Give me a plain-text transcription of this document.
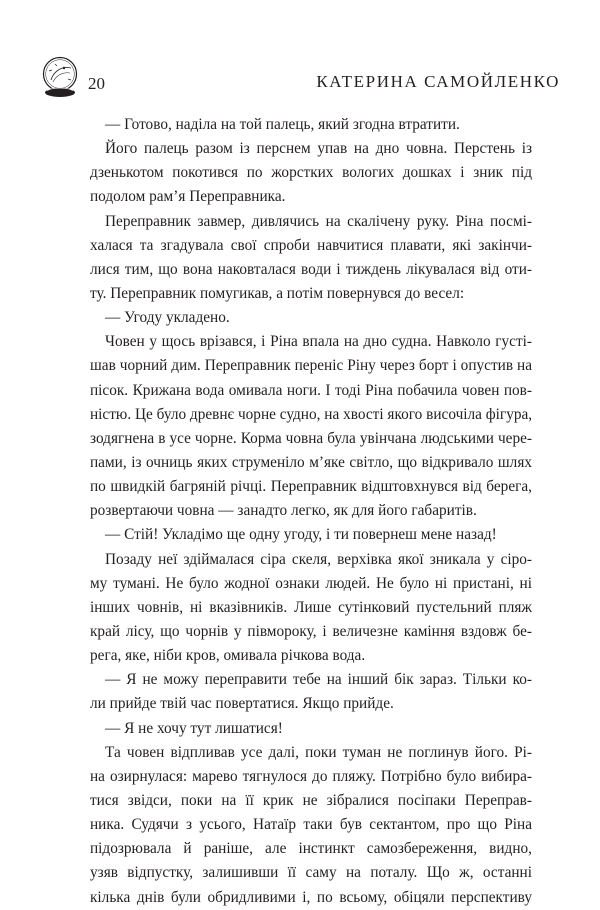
20	КАТЕРИНА САМОЙЛЕНКО
— Готово, наділа на той палець, який згодна втратити.
Його палець разом із перснем упав на дно човна. Перстень із
дзенькотом покотився по жорстких вологих дошках і зник під
подолом рам’я Переправника.
Переправник завмер, дивлячись на скалічену руку. Ріна посмі-
халася та згадувала свої спроби навчитися плавати, які закінчи-
лися тим, що вона наковталася води і тиждень лікувалася від оти-
ту. Переправник помугикав, а потім повернувся до весел:
— Угоду укладено.
Човен у щось врізався, і Ріна впала на дно судна. Навколо густі-
шав чорний дим. Переправник переніс Ріну через борт і опустив на
пісок. Крижана вода омивала ноги. І тоді Ріна побачила човен пов-
ністю. Це було древнє чорне судно, на хвості якого височіла фігура,
зодягнена в усе чорне. Корма човна була увінчана людськими чере-
пами, із очниць яких струменіло м’яке світло, що відкривало шлях
по швидкій багряній річці. Переправник відштовхнувся від берега,
розвертаючи човна — занадто легко, як для його габаритів.
— Стій! Укладімо ще одну угоду, і ти повернеш мене назад!
Позаду неї здіймалася сіра скеля, верхівка якої зникала у сіро-
му тумані. Не було жодної ознаки людей. Не було ні пристані, ні
інших човнів, ні вказівників. Лише сутінковий пустельний пляж
край лісу, що чорнів у півмороку, і величезне каміння вздовж бе-
рега, яке, ніби кров, омивала річкова вода.
— Я не можу переправити тебе на інший бік зараз. Тільки ко-
ли прийде твій час повертатися. Якщо прийде.
— Я не хочу тут лишатися!
Та човен відпливав усе далі, поки туман не поглинув його. Рі-
на озирнулася: марево тягнулося до пляжу. Потрібно було вибира-
тися звідси, поки на її крик не зібралися посіпаки Переправ-
ника. Судячи з усього, Натаїр таки був сектантом, про що Ріна
підозрювала й раніше, але інстинкт самозбереження, видно,
узяв відпустку, залишивши її саму на поталу. Що ж, останні
кілька днів були обридливими і, по всьому, обіцяли перспективу
